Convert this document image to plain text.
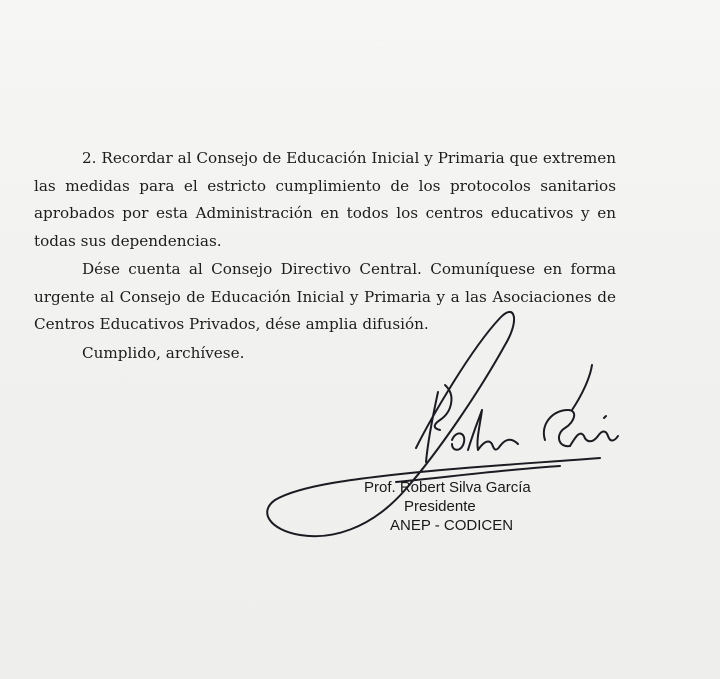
2. Recordar al Consejo de Educación Inicial y Primaria que extremen
las medidas para el estricto cumplimiento de los protocolos sanitarios
aprobados por esta Administración en todos los centros educativos y en
todas sus dependencias.

Dése cuenta al Consejo Directivo Central. Comuníquese en forma
urgente al Consejo de Educación Inicial y Primaria y a las Asociaciones de
Centros Educativos Privados, dése amplia difusión.

Cumplido, archívese.

Prof. Robert Silva García
Presidente
ANEP - CODICEN
